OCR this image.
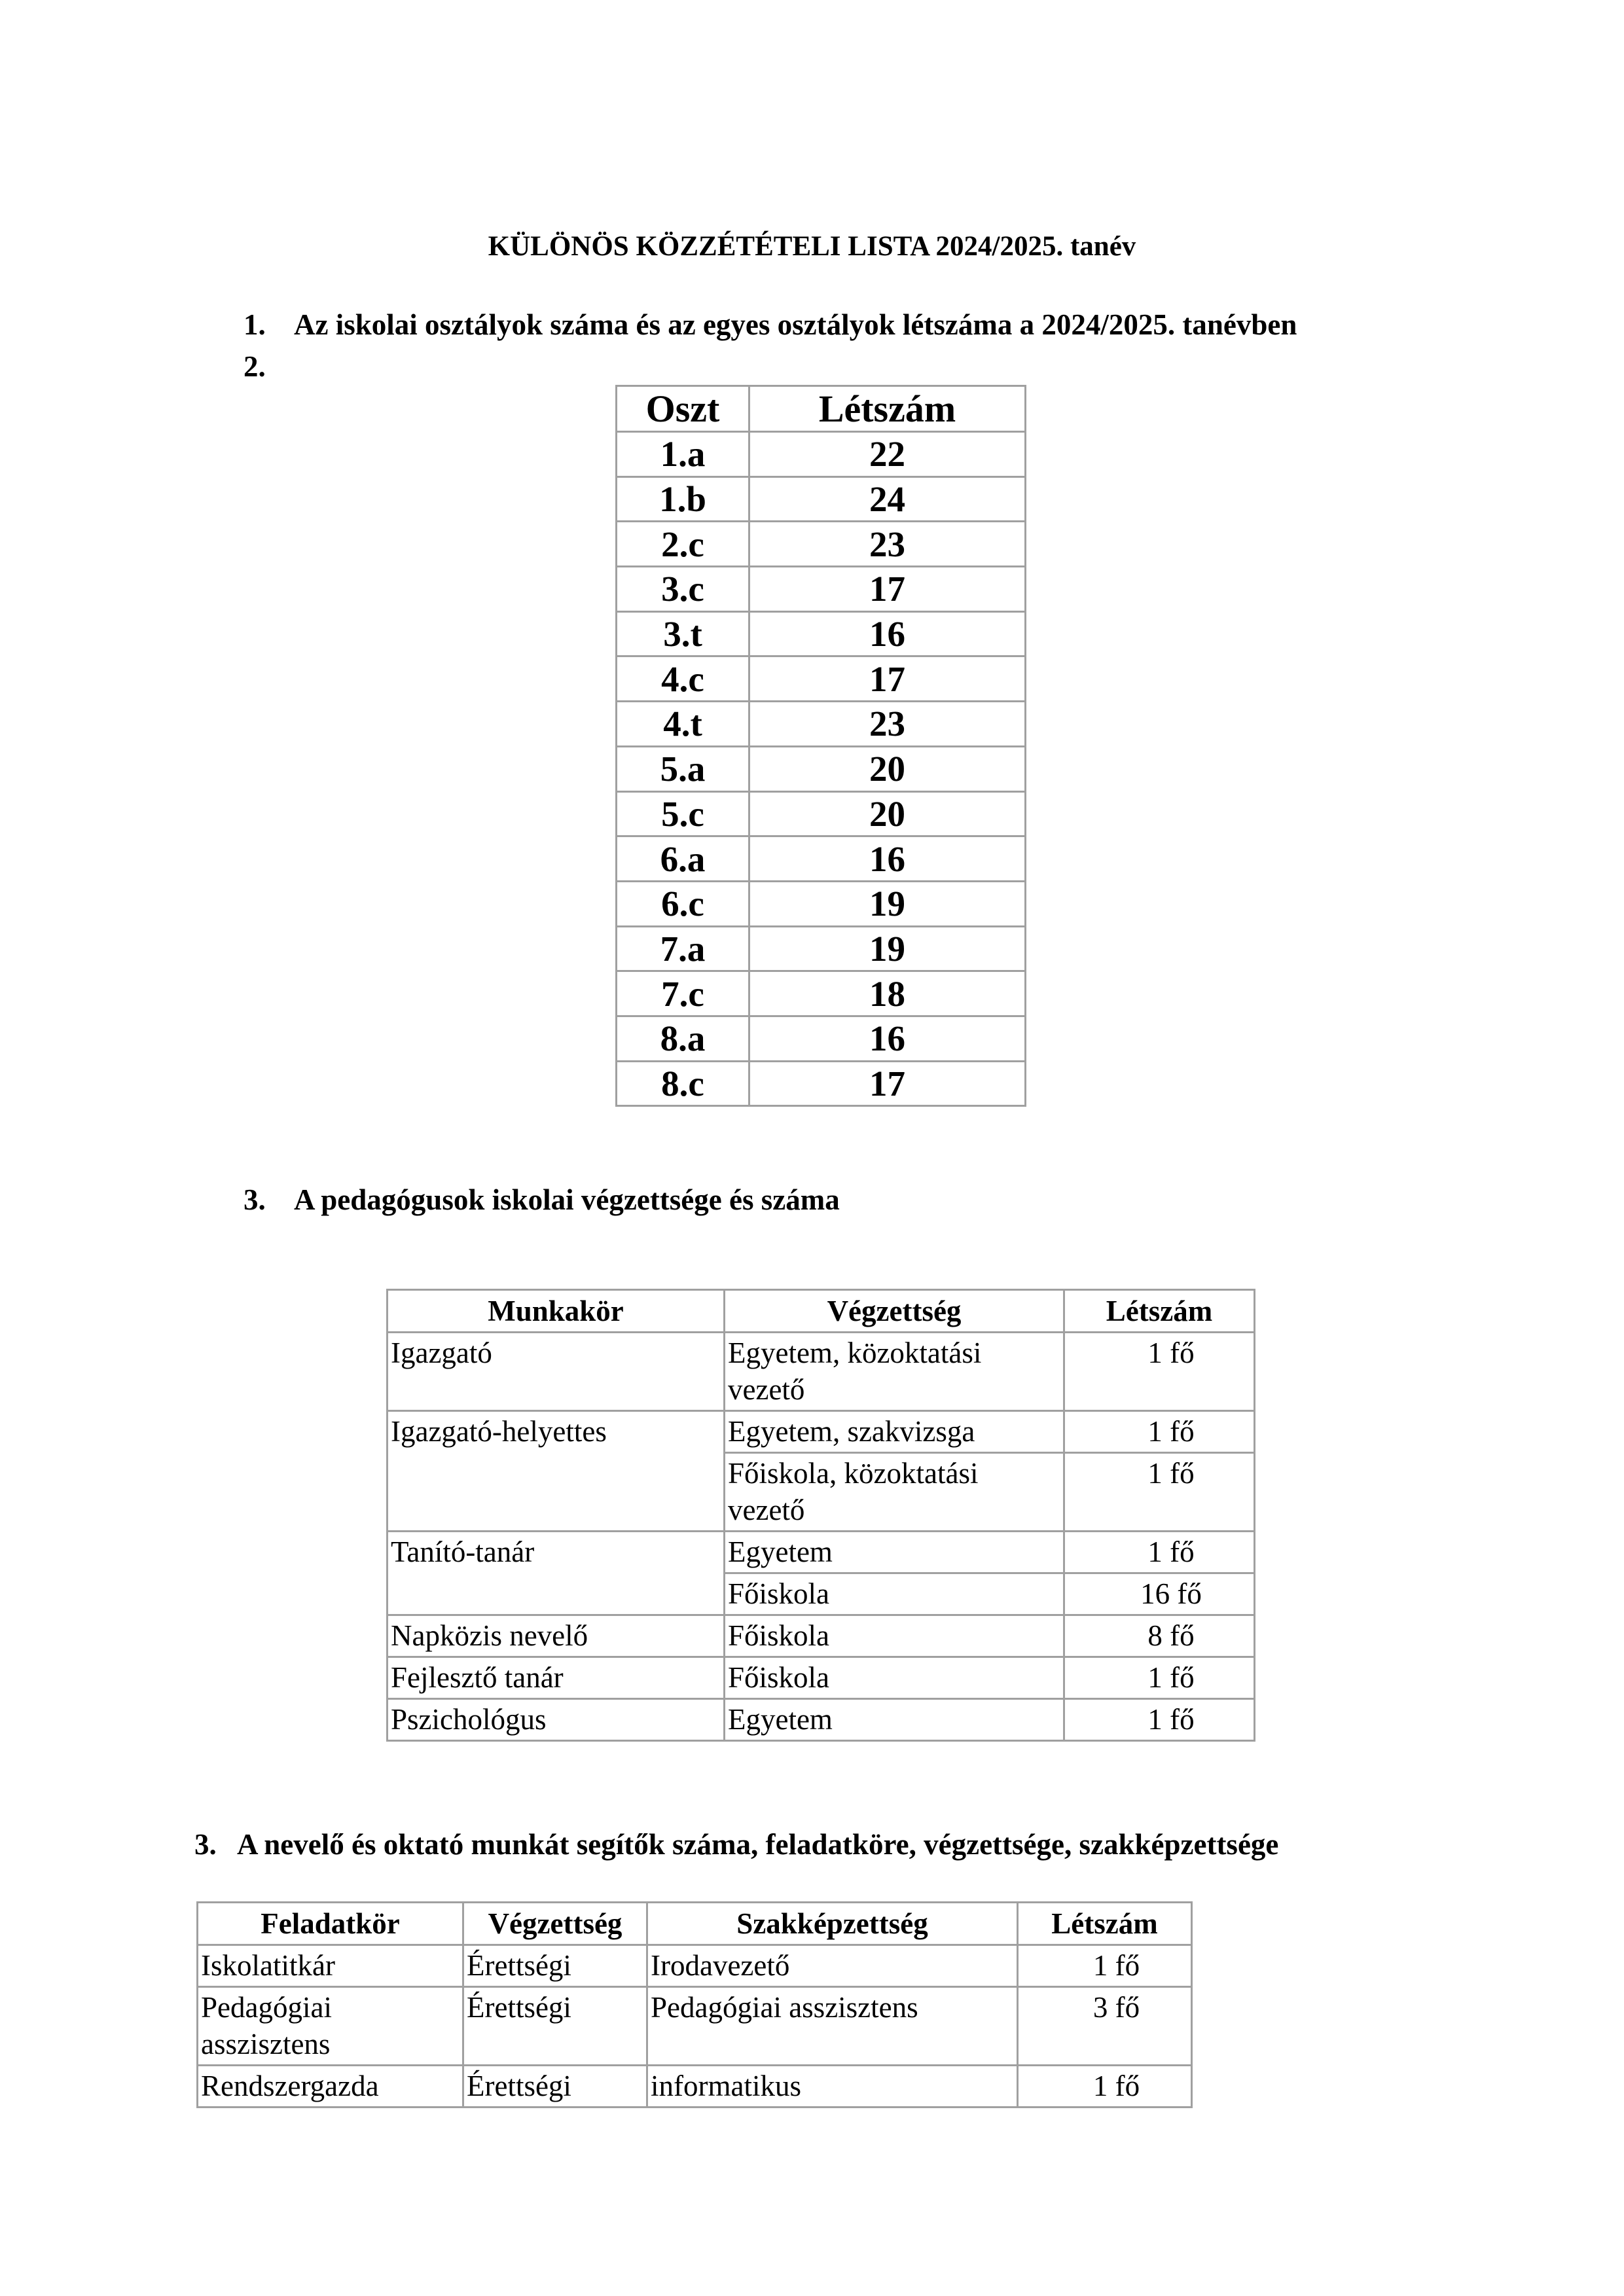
KÜLÖNÖS KÖZZÉTÉTELI LISTA 2024/2025. tanév
1. Az iskolai osztályok száma és az egyes osztályok létszáma a 2024/2025. tanévben
2.
Oszt	Létszám
1.a	22
1.b	24
2.c	23
3.c	17
3.t	16
4.c	17
4.t	23
5.a	20
5.c	20
6.a	16
6.c	19
7.a	19
7.c	18
8.a	16
8.c	17
3. A pedagógusok iskolai végzettsége és száma
Munkakör	Végzettség	Létszám
Igazgató	Egyetem, közoktatási vezető	1 fő
Igazgató-helyettes	Egyetem, szakvizsga	1 fő
	Főiskola, közoktatási vezető	1 fő
Tanító-tanár	Egyetem	1 fő
	Főiskola	16 fő
Napközis nevelő	Főiskola	8 fő
Fejlesztő tanár	Főiskola	1 fő
Pszichológus	Egyetem	1 fő
3. A nevelő és oktató munkát segítők száma, feladatköre, végzettsége, szakképzettsége
Feladatkör	Végzettség	Szakképzettség	Létszám
Iskolatitkár	Érettségi	Irodavezető	1 fő
Pedagógiai asszisztens	Érettségi	Pedagógiai asszisztens	3 fő
Rendszergazda	Érettségi	informatikus	1 fő
